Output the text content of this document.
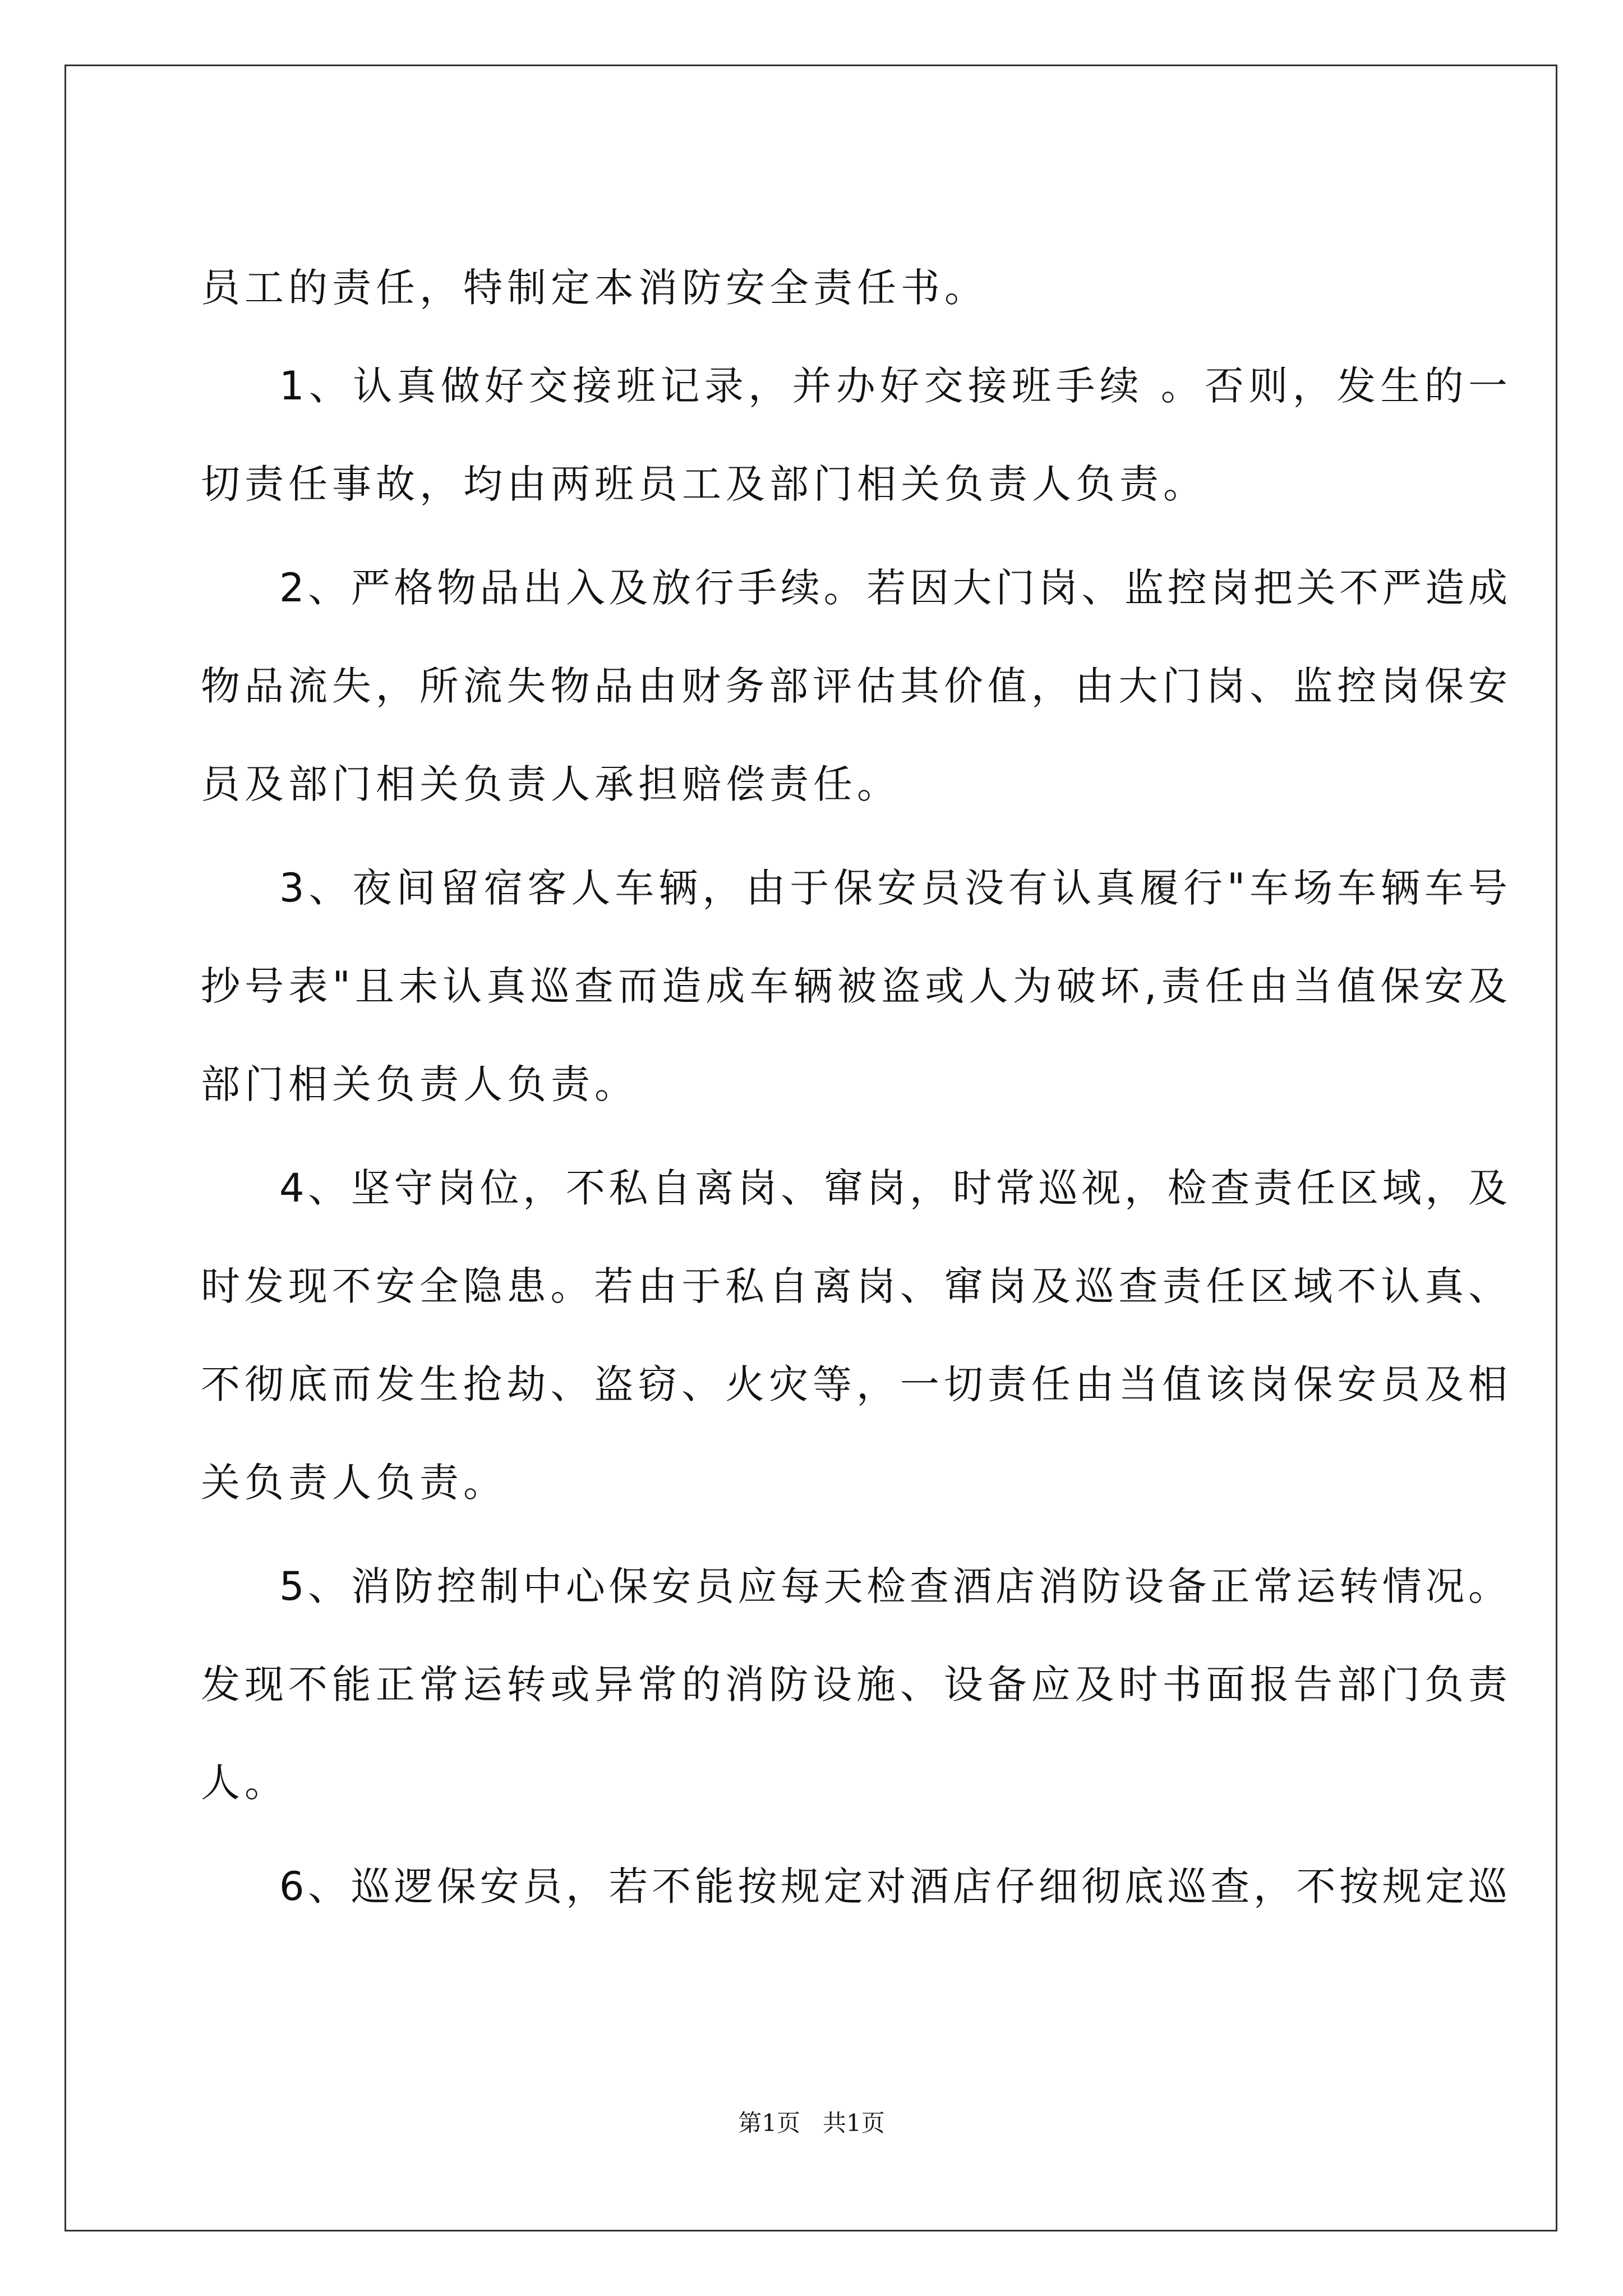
员工的责任，特制定本消防安全责任书。
1、认真做好交接班记录，并办好交接班手续 。否则，发生的一
切责任事故，均由两班员工及部门相关负责人负责。
2、严格物品出入及放行手续。若因大门岗、监控岗把关不严造成
物品流失，所流失物品由财务部评估其价值，由大门岗、监控岗保安
员及部门相关负责人承担赔偿责任。
3、夜间留宿客人车辆，由于保安员没有认真履行"车场车辆车号
抄号表"且未认真巡查而造成车辆被盗或人为破坏,责任由当值保安及
部门相关负责人负责。
4、坚守岗位，不私自离岗、窜岗，时常巡视，检查责任区域，及
时发现不安全隐患。若由于私自离岗、窜岗及巡查责任区域不认真、
不彻底而发生抢劫、盗窃、火灾等，一切责任由当值该岗保安员及相
关负责人负责。
5、消防控制中心保安员应每天检查酒店消防设备正常运转情况。
发现不能正常运转或异常的消防设施、设备应及时书面报告部门负责
人。
6、巡逻保安员，若不能按规定对酒店仔细彻底巡查，不按规定巡
第1页 共1页
